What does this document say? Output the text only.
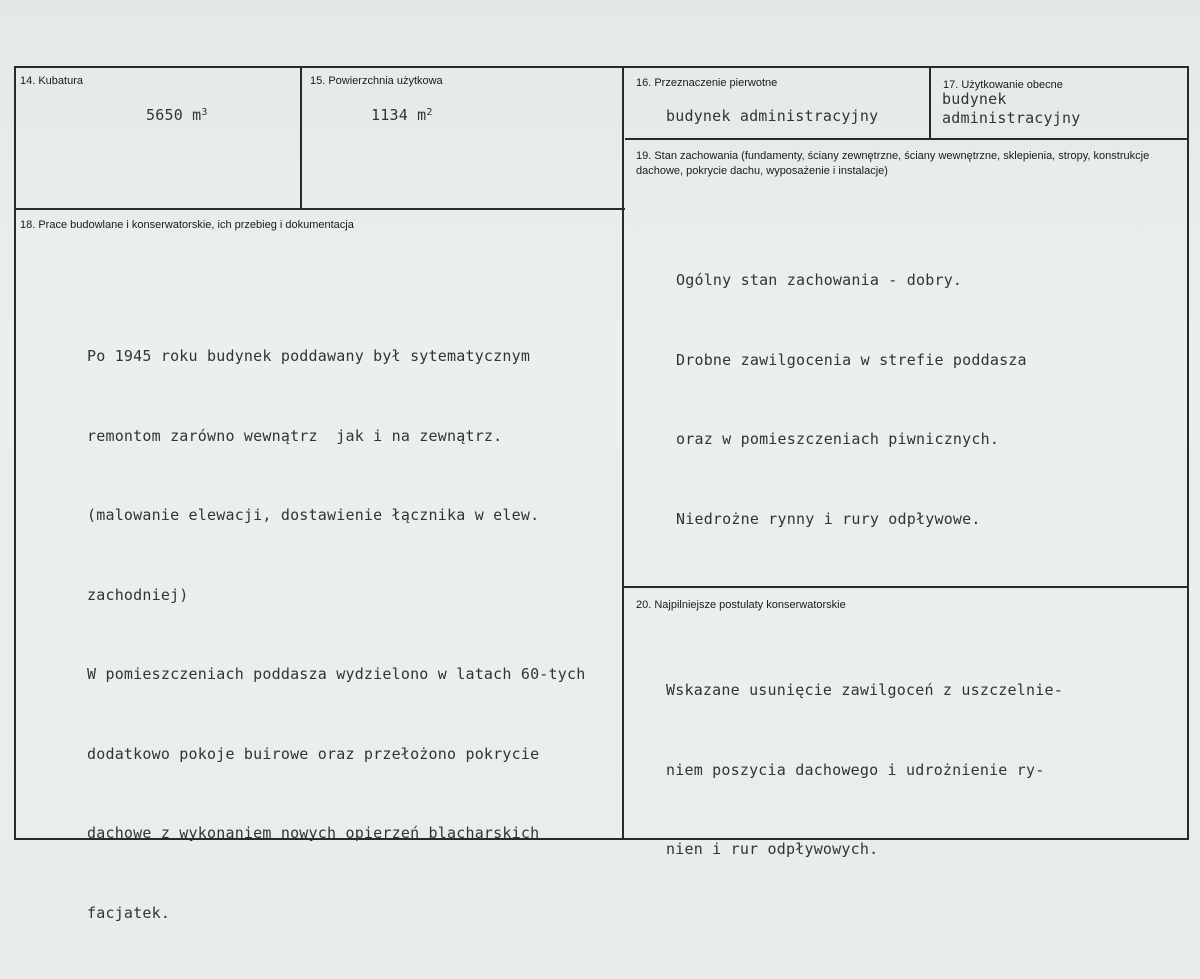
14. Kubatura
5650 $m^3$
15. Powierzchnia użytkowa
1134 $m^2$
16. Przeznaczenie pierwotne
budynek administracyjny
17. Użytkowanie obecne
budynek
administracyjny
19. Stan zachowania (fundamenty, ściany zewnętrzne, ściany wewnętrzne, sklepienia, stropy, konstrukcje dachowe, pokrycie dachu, wyposażenie i instalacje)

Ogólny stan zachowania - dobry.

Drobne zawilgocenia w strefie poddasza

oraz w pomieszczeniach piwnicznych.

Niedrożne rynny i rury odpływowe.

18. Prace budowlane i konserwatorskie, ich przebieg i dokumentacja

Po 1945 roku budynek poddawany był sytematycznym

remontom zarówno wewnątrz  jak i na zewnątrz.

(malowanie elewacji, dostawienie łącznika w elew.

zachodniej)

W pomieszczeniach poddasza wydzielono w latach 60-tych

dodatkowo pokoje buirowe oraz przełożono pokrycie

dachowe z wykonaniem nowych opierzeń blacharskich

facjatek.

20. Najpilniejsze postulaty konserwatorskie

Wskazane usunięcie zawilgoceń z uszczelnie-

niem poszycia dachowego i udrożnienie ry-

nien i rur odpływowych.
